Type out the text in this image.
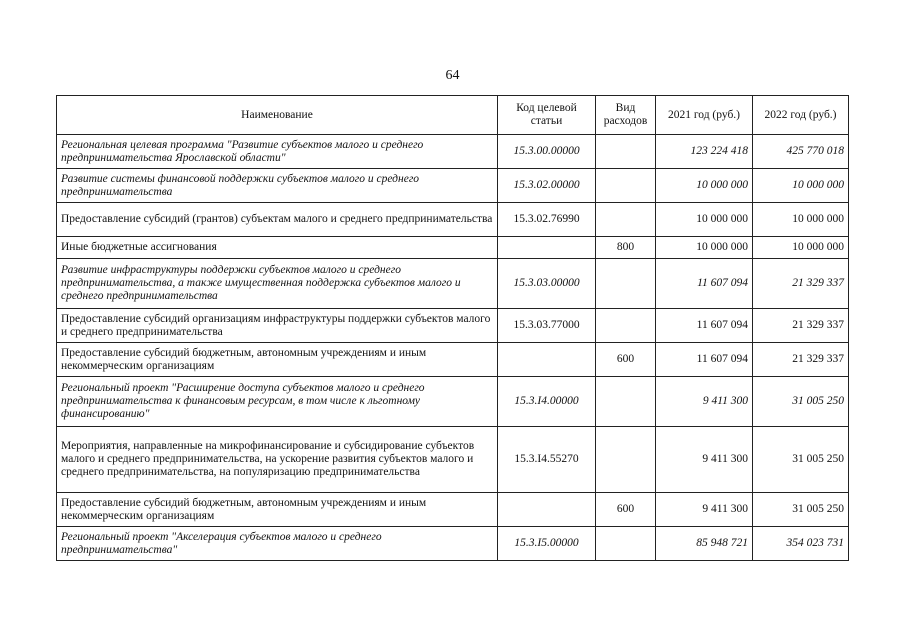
64
Наименование	Код целевой статьи	Вид расходов	2021 год (руб.)	2022 год (руб.)
Региональная целевая программа "Развитие субъектов малого и среднего предпринимательства Ярославской области"	15.3.00.00000		123 224 418	425 770 018
Развитие системы финансовой поддержки субъектов малого и среднего предпринимательства	15.3.02.00000		10 000 000	10 000 000
Предоставление субсидий (грантов) субъектам малого и среднего предпринимательства	15.3.02.76990		10 000 000	10 000 000
Иные бюджетные ассигнования		800	10 000 000	10 000 000
Развитие инфраструктуры поддержки субъектов малого и среднего предпринимательства, а также имущественная поддержка субъектов малого и среднего предпринимательства	15.3.03.00000		11 607 094	21 329 337
Предоставление субсидий организациям инфраструктуры поддержки субъектов малого и среднего предпринимательства	15.3.03.77000		11 607 094	21 329 337
Предоставление субсидий бюджетным, автономным учреждениям и иным некоммерческим организациям		600	11 607 094	21 329 337
Региональный проект "Расширение доступа субъектов малого и среднего предпринимательства к финансовым ресурсам, в том числе к льготному финансированию"	15.3.I4.00000		9 411 300	31 005 250
Мероприятия, направленные на микрофинансирование и субсидирование субъектов малого и среднего предпринимательства, на ускорение развития субъектов малого и среднего предпринимательства, на популяризацию предпринимательства	15.3.I4.55270		9 411 300	31 005 250
Предоставление субсидий бюджетным, автономным учреждениям и иным некоммерческим организациям		600	9 411 300	31 005 250
Региональный проект "Акселерация субъектов малого и среднего предпринимательства"	15.3.I5.00000		85 948 721	354 023 731
